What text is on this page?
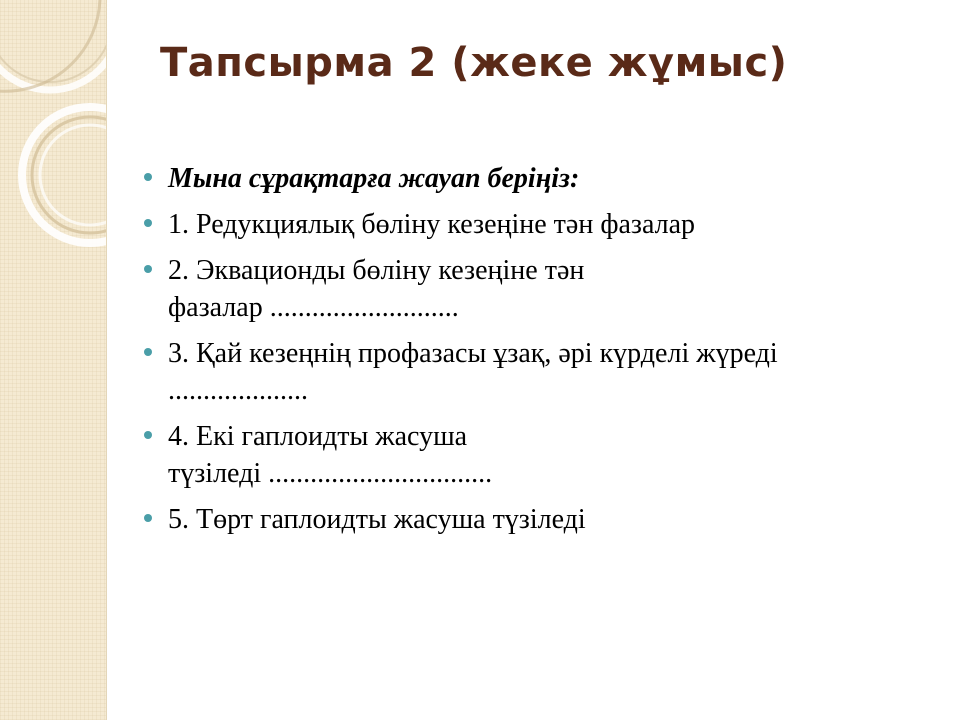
Тапсырма 2 (жеке жұмыс)
Мына сұрақтарға жауап беріңіз:
1. Редукциялық бөліну кезеңіне тән фазалар
2. Эквационды бөліну кезеңіне тән
фазалар ...........................
3. Қай кезеңнің профазасы ұзақ, әрі күрделі жүреді
....................
4. Екі гаплоидты жасуша
түзіледі ................................
5. Төрт гаплоидты жасуша түзіледі
